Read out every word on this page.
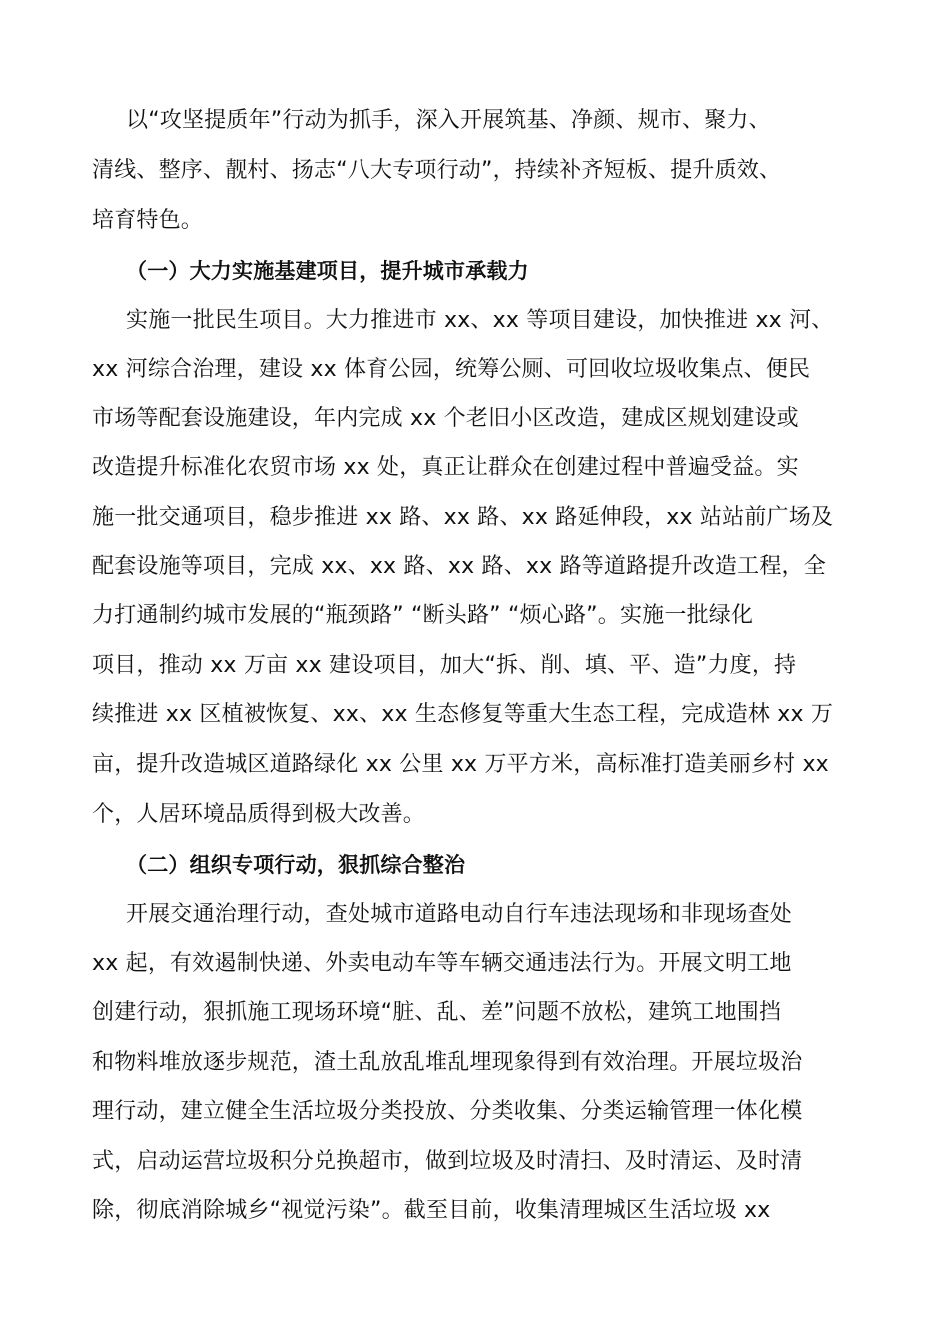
以“攻坚提质年”行动为抓手，深入开展筑基、净颜、规市、聚力、
清线、整序、靓村、扬志“八大专项行动”，持续补齐短板、提升质效、
培育特色。
（一）大力实施基建项目，提升城市承载力
实施一批民生项目。大力推进市 xx、xx 等项目建设，加快推进 xx 河、
xx 河综合治理，建设 xx 体育公园，统筹公厕、可回收垃圾收集点、便民
市场等配套设施建设，年内完成 xx 个老旧小区改造，建成区规划建设或
改造提升标准化农贸市场 xx 处，真正让群众在创建过程中普遍受益。实
施一批交通项目，稳步推进 xx 路、xx 路、xx 路延伸段，xx 站站前广场及
配套设施等项目，完成 xx、xx 路、xx 路、xx 路等道路提升改造工程，全
力打通制约城市发展的“瓶颈路” “断头路” “烦心路”。实施一批绿化
项目，推动 xx 万亩 xx 建设项目，加大“拆、削、填、平、造”力度，持
续推进 xx 区植被恢复、xx、xx 生态修复等重大生态工程，完成造林 xx 万
亩，提升改造城区道路绿化 xx 公里 xx 万平方米，高标准打造美丽乡村 xx
个，人居环境品质得到极大改善。
（二）组织专项行动，狠抓综合整治
开展交通治理行动，查处城市道路电动自行车违法现场和非现场查处
xx 起，有效遏制快递、外卖电动车等车辆交通违法行为。开展文明工地
创建行动，狠抓施工现场环境“脏、乱、差”问题不放松，建筑工地围挡
和物料堆放逐步规范，渣土乱放乱堆乱埋现象得到有效治理。开展垃圾治
理行动，建立健全生活垃圾分类投放、分类收集、分类运输管理一体化模
式，启动运营垃圾积分兑换超市，做到垃圾及时清扫、及时清运、及时清
除，彻底消除城乡“视觉污染”。截至目前，收集清理城区生活垃圾 xx
